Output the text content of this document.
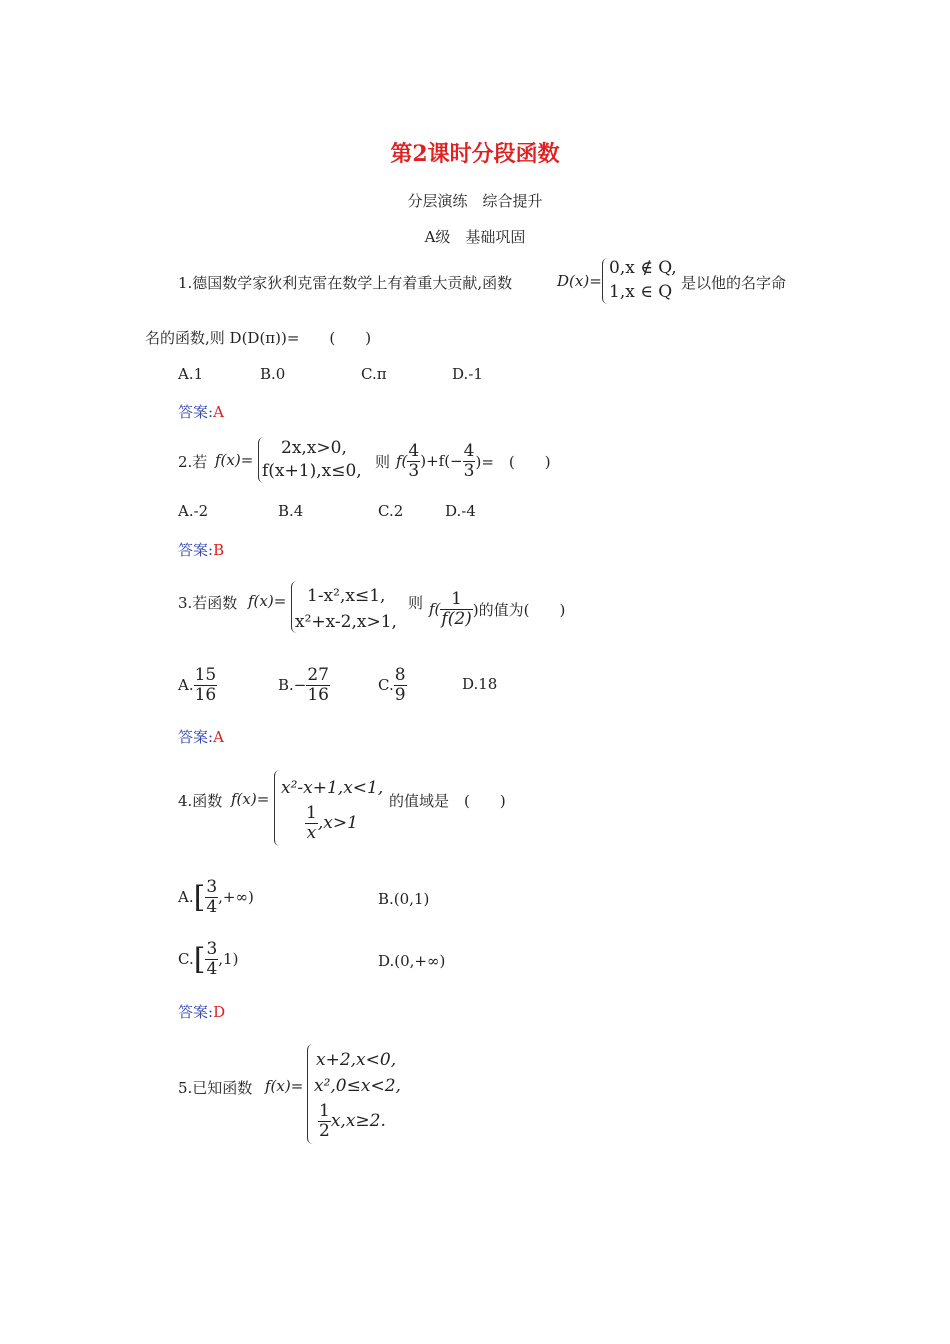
第2课时分段函数
分层演练　综合提升
A级　基础巩固
1.德国数学家狄利克雷在数学上有着重大贡献,函数	D(x)=
0,x ∉ Q,
1,x ∈ Q 是以他的名字命
名的函数,则 D(D(π))=　　(　　)
A.1	B.0	C.π	D.-1
答案:A
2.若 f(x)=
2x,x>0,
f(x+1),x≤0, 则 $f( \frac{4}{3} )+f(- \frac{4}{3}$ )=　(　　)
A.-2	B.4	C.2	D.-4
答案:B
3.若函数 f(x)= 1-x²,x≤1,
x²+x-2,x>1,
则 $f( \frac{1}{f(2)}$ )的值为(　　)
A. $\frac{15}{16}$	$B.- \frac{27}{16}$	C. $\frac{8}{9}$	D.18
答案:A
4.函数 f(x)=
x²-x+1,x<1,
$\frac{1}{x} ,x>1$
的值域是　(　　)
A. [ $\frac{3}{4}$ ,+∞)	B.(0,1)
C. [ $\frac{3}{4} ,1$)	D.(0,+∞)
答案:D
5.已知函数 f(x)=
x+2,x<0,
x²,0≤x<2,
$\frac{1}{2} x,x\ge 2$.
